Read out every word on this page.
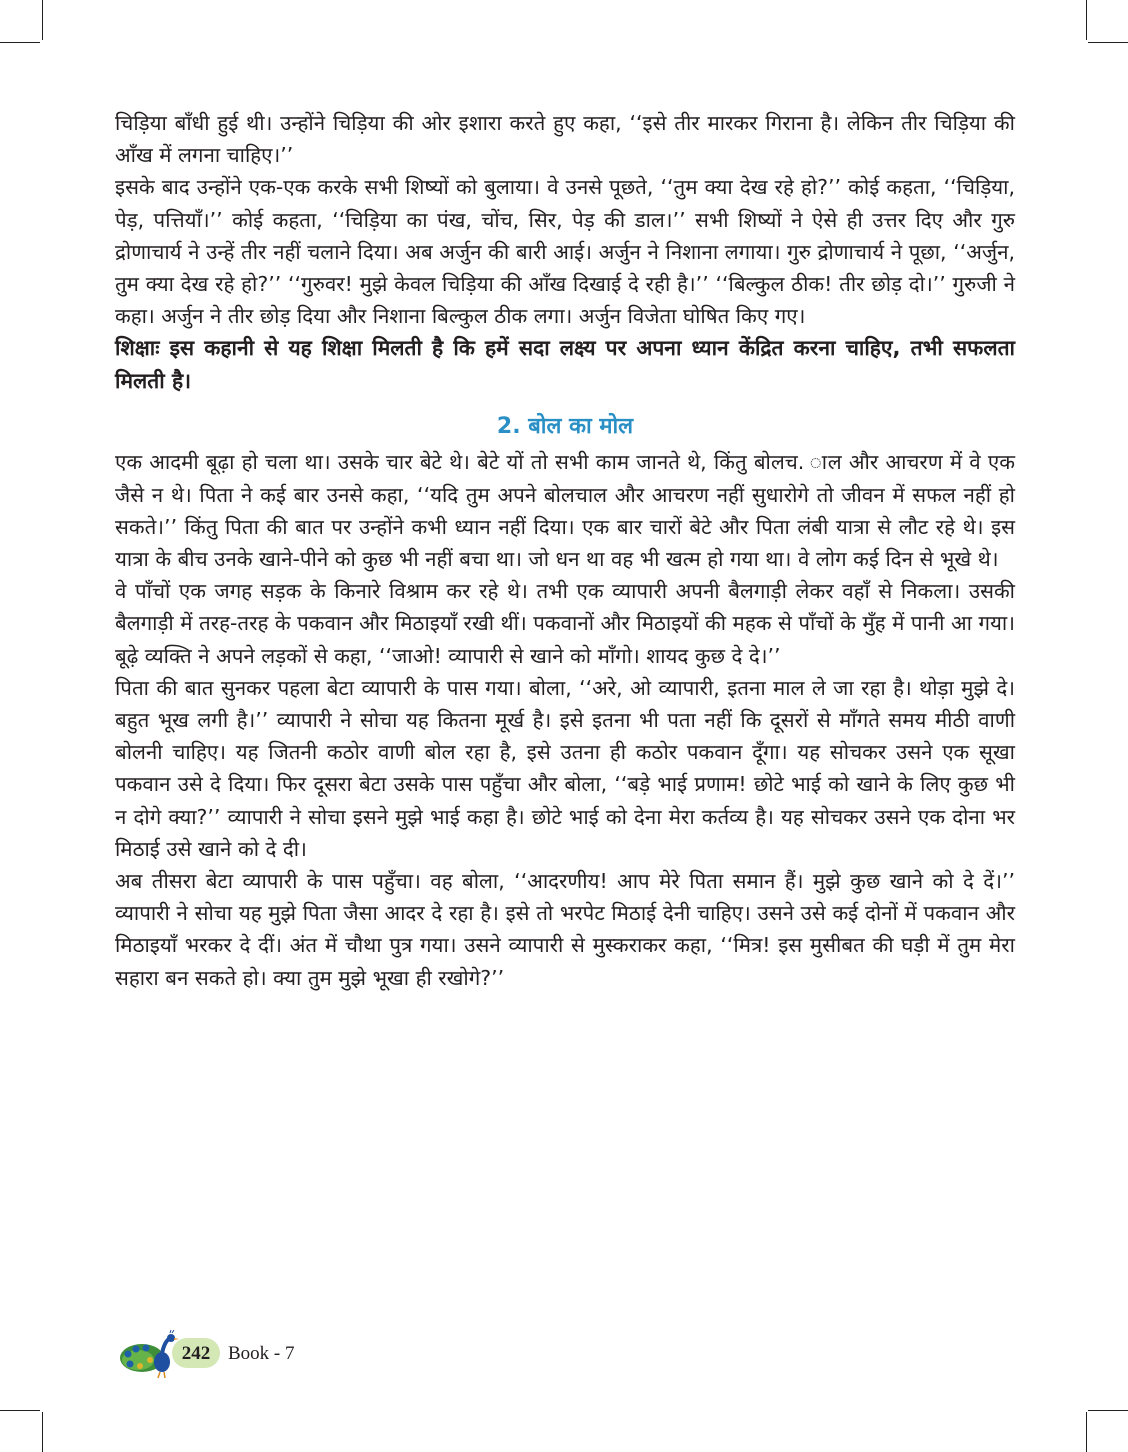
चिड़िया बाँधी हुई थी। उन्होंने चिड़िया की ओर इशारा करते हुए कहा, ‘‘इसे तीर मारकर गिराना है। लेकिन तीर चिड़िया की आँख में लगना चाहिए।’’

इसके बाद उन्होंने एक-एक करके सभी शिष्यों को बुलाया। वे उनसे पूछते, ‘‘तुम क्या देख रहे हो?’’ कोई कहता, ‘‘चिड़िया, पेड़, पत्तियाँ।’’ कोई कहता, ‘‘चिड़िया का पंख, चोंच, सिर, पेड़ की डाल।’’ सभी शिष्यों ने ऐसे ही उत्तर दिए और गुरु द्रोणाचार्य ने उन्हें तीर नहीं चलाने दिया। अब अर्जुन की बारी आई। अर्जुन ने निशाना लगाया। गुरु द्रोणाचार्य ने पूछा, ‘‘अर्जुन, तुम क्या देख रहे हो?’’ ‘‘गुरुवर! मुझे केवल चिड़िया की आँख दिखाई दे रही है।’’ ‘‘बिल्कुल ठीक! तीर छोड़ दो।’’ गुरुजी ने कहा। अर्जुन ने तीर छोड़ दिया और निशाना बिल्कुल ठीक लगा। अर्जुन विजेता घोषित किए गए।

शिक्षाः इस कहानी से यह शिक्षा मिलती है कि हमें सदा लक्ष्य पर अपना ध्यान केंद्रित करना चाहिए, तभी सफलता मिलती है।

2. बोल का मोल

एक आदमी बूढ़ा हो चला था। उसके चार बेटे थे। बेटे यों तो सभी काम जानते थे, किंतु बोलच. ाल और आचरण में वे एक जैसे न थे। पिता ने कई बार उनसे कहा, ‘‘यदि तुम अपने बोलचाल और आचरण नहीं सुधारोगे तो जीवन में सफल नहीं हो सकते।’’ किंतु पिता की बात पर उन्होंने कभी ध्यान नहीं दिया। एक बार चारों बेटे और पिता लंबी यात्रा से लौट रहे थे। इस यात्रा के बीच उनके खाने-पीने को कुछ भी नहीं बचा था। जो धन था वह भी खत्म हो गया था। वे लोग कई दिन से भूखे थे।

वे पाँचों एक जगह सड़क के किनारे विश्राम कर रहे थे। तभी एक व्यापारी अपनी बैलगाड़ी लेकर वहाँ से निकला। उसकी बैलगाड़ी में तरह-तरह के पकवान और मिठाइयाँ रखी थीं। पकवानों और मिठाइयों की महक से पाँचों के मुँह में पानी आ गया। बूढ़े व्यक्ति ने अपने लड़कों से कहा, ‘‘जाओ! व्यापारी से खाने को माँगो। शायद कुछ दे दे।’’

पिता की बात सुनकर पहला बेटा व्यापारी के पास गया। बोला, ‘‘अरे, ओ व्यापारी, इतना माल ले जा रहा है। थोड़ा मुझे दे। बहुत भूख लगी है।’’ व्यापारी ने सोचा यह कितना मूर्ख है। इसे इतना भी पता नहीं कि दूसरों से माँगते समय मीठी वाणी बोलनी चाहिए। यह जितनी कठोर वाणी बोल रहा है, इसे उतना ही कठोर पकवान दूँगा। यह सोचकर उसने एक सूखा पकवान उसे दे दिया। फिर दूसरा बेटा उसके पास पहुँचा और बोला, ‘‘बड़े भाई प्रणाम! छोटे भाई को खाने के लिए कुछ भी न दोगे क्या?’’ व्यापारी ने सोचा इसने मुझे भाई कहा है। छोटे भाई को देना मेरा कर्तव्य है। यह सोचकर उसने एक दोना भर मिठाई उसे खाने को दे दी।

अब तीसरा बेटा व्यापारी के पास पहुँचा। वह बोला, ‘‘आदरणीय! आप मेरे पिता समान हैं। मुझे कुछ खाने को दे दें।’’ व्यापारी ने सोचा यह मुझे पिता जैसा आदर दे रहा है। इसे तो भरपेट मिठाई देनी चाहिए। उसने उसे कई दोनों में पकवान और मिठाइयाँ भरकर दे दीं। अंत में चौथा पुत्र गया। उसने व्यापारी से मुस्कराकर कहा, ‘‘मित्र! इस मुसीबत की घड़ी में तुम मेरा सहारा बन सकते हो। क्या तुम मुझे भूखा ही रखोगे?’’

242 Book - 7
